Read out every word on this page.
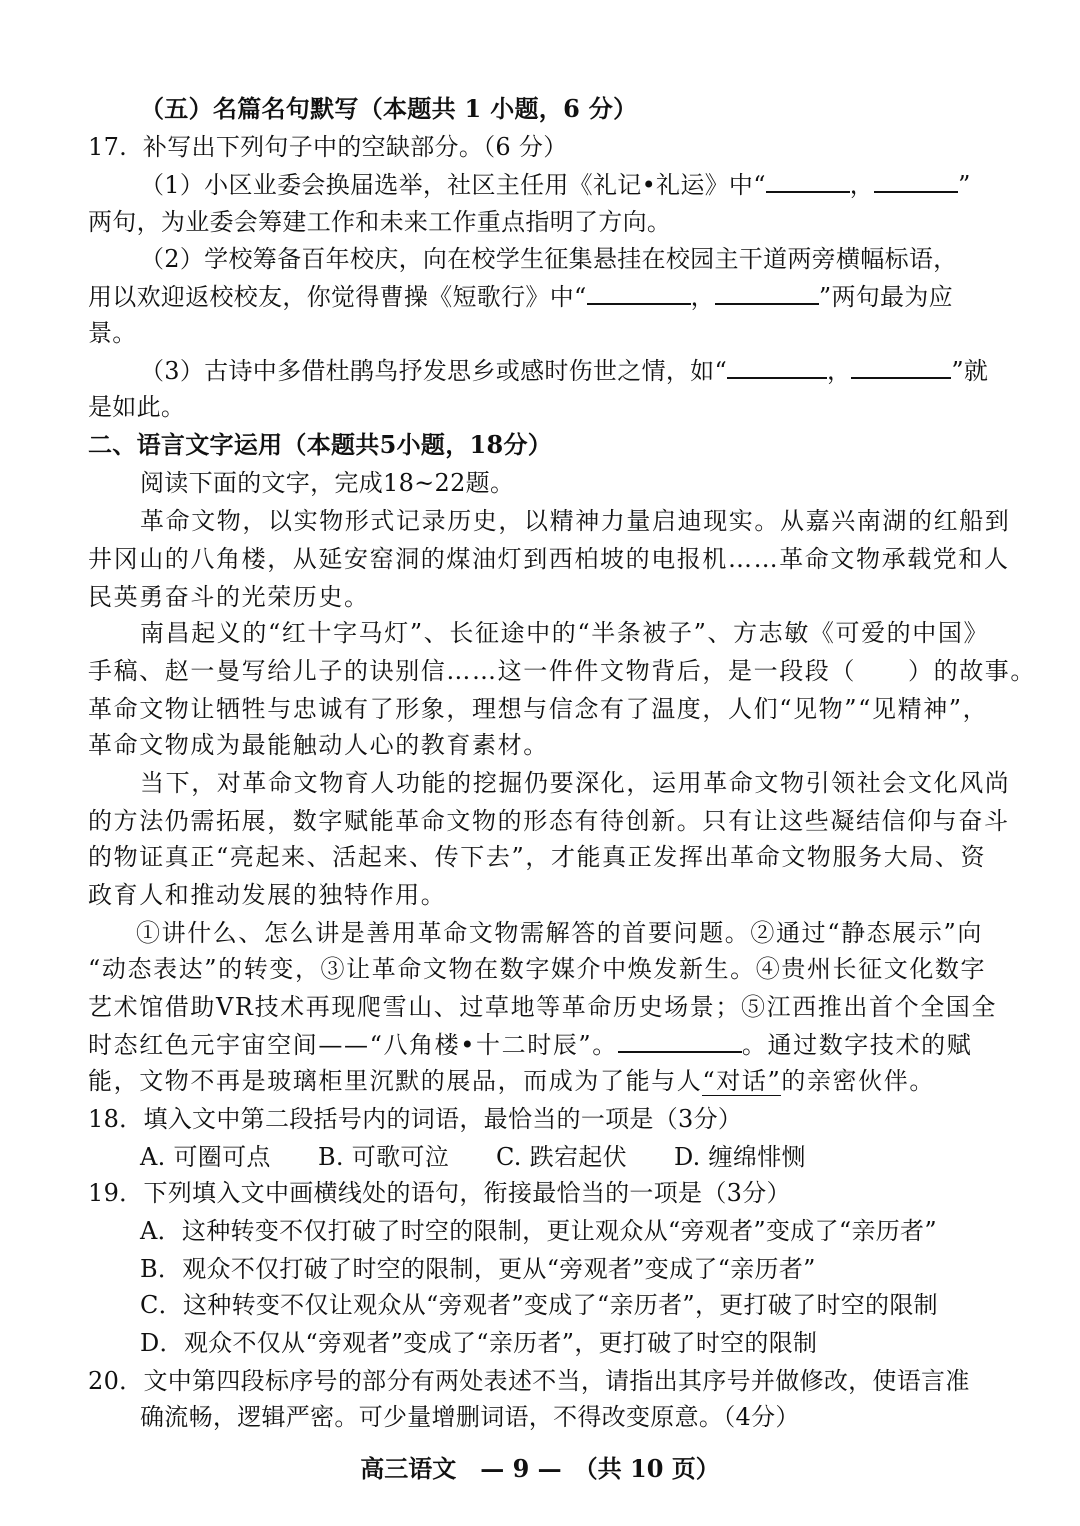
（五）名篇名句默写（本题共 1 小题，6 分）
17.  补写出下列句子中的空缺部分。（6 分）
（1）小区业委会换届选举，社区主任用《礼记•礼运》中“	，	”
两句，为业委会筹建工作和未来工作重点指明了方向。
（2）学校筹备百年校庆，向在校学生征集悬挂在校园主干道两旁横幅标语，
用以欢迎返校校友，你觉得曹操《短歌行》中“	，	”两句最为应
景。
（3）古诗中多借杜鹃鸟抒发思乡或感时伤世之情，如“	，	”就
是如此。
二、语言文字运用（本题共5小题，18分）
阅读下面的文字，完成18~22题。
革命文物，以实物形式记录历史，以精神力量启迪现实。从嘉兴南湖的红船到
井冈山的八角楼，从延安窑洞的煤油灯到西柏坡的电报机……革命文物承载党和人
民英勇奋斗的光荣历史。
南昌起义的“红十字马灯”、长征途中的“半条被子”、方志敏《可爱的中国》
手稿、赵一曼写给儿子的诀别信……这一件件文物背后，是一段段（ ）的故事。
革命文物让牺牲与忠诚有了形象，理想与信念有了温度，人们“见物”“见精神”，
革命文物成为最能触动人心的教育素材。
当下，对革命文物育人功能的挖掘仍要深化，运用革命文物引领社会文化风尚
的方法仍需拓展，数字赋能革命文物的形态有待创新。只有让这些凝结信仰与奋斗
的物证真正“亮起来、活起来、传下去”，才能真正发挥出革命文物服务大局、资
政育人和推动发展的独特作用。
①讲什么、怎么讲是善用革命文物需解答的首要问题。②通过“静态展示”向
“动态表达”的转变，③让革命文物在数字媒介中焕发新生。④贵州长征文化数字
艺术馆借助VR技术再现爬雪山、过草地等革命历史场景；⑤江西推出首个全国全
时态红色元宇宙空间——“八角楼•十二时辰”。	。通过数字技术的赋
能，文物不再是玻璃柜里沉默的展品，而成为了能与人“对话”的亲密伙伴。
18．填入文中第二段括号内的词语，最恰当的一项是（3分）
A. 可圈可点 B. 可歌可泣 C. 跌宕起伏 D. 缠绵悱恻
19．下列填入文中画横线处的语句，衔接最恰当的一项是（3分）
A．这种转变不仅打破了时空的限制，更让观众从“旁观者”变成了“亲历者”
B．观众不仅打破了时空的限制，更从“旁观者”变成了“亲历者”
C．这种转变不仅让观众从“旁观者”变成了“亲历者”，更打破了时空的限制
D．观众不仅从“旁观者”变成了“亲历者”，更打破了时空的限制
20．文中第四段标序号的部分有两处表述不当，请指出其序号并做修改，使语言准
确流畅，逻辑严密。可少量增删词语，不得改变原意。（4分）
高三语文　— 9 —　（共 10 页）
